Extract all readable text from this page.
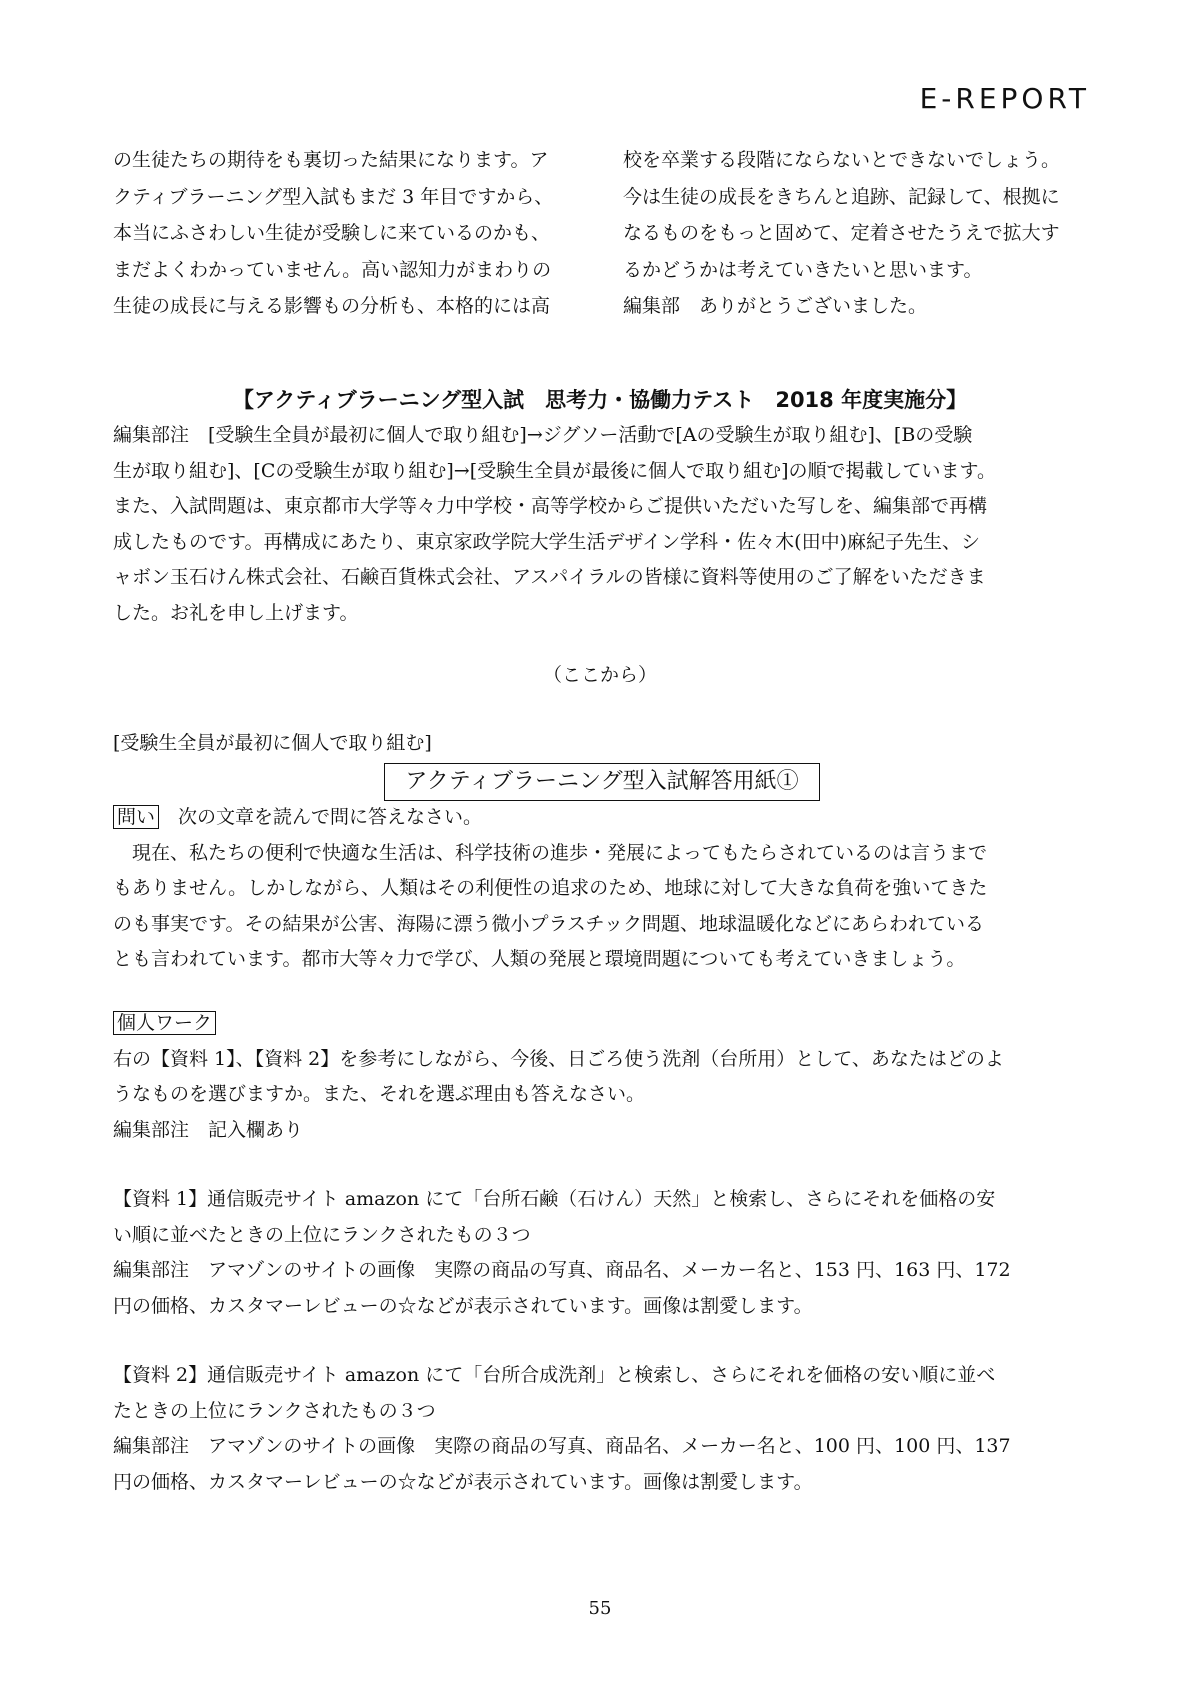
E-REPORT

の生徒たちの期待をも裏切った結果になります。ア

クティブラーニング型入試もまだ 3 年目ですから、

本当にふさわしい生徒が受験しに来ているのかも、

まだよくわかっていません。高い認知力がまわりの

生徒の成長に与える影響もの分析も、本格的には高

校を卒業する段階にならないとできないでしょう。

今は生徒の成長をきちんと追跡、記録して、根拠に

なるものをもっと固めて、定着させたうえで拡大す

るかどうかは考えていきたいと思います。

編集部　ありがとうございました。

【アクティブラーニング型入試　思考力・協働力テスト　2018 年度実施分】

編集部注　[受験生全員が最初に個人で取り組む]→ジグソー活動で[Aの受験生が取り組む]、[Bの受験

生が取り組む]、[Cの受験生が取り組む]→[受験生全員が最後に個人で取り組む]の順で掲載しています。

また、入試問題は、東京都市大学等々力中学校・高等学校からご提供いただいた写しを、編集部で再構

成したものです。再構成にあたり、東京家政学院大学生活デザイン学科・佐々木(田中)麻紀子先生、シ

ャボン玉石けん株式会社、石鹸百貨株式会社、アスパイラルの皆様に資料等使用のご了解をいただきま

した。お礼を申し上げます。

（ここから）
[受験生全員が最初に個人で取り組む]
アクティブラーニング型入試解答用紙①

問い　 次の文章を読んで問に答えなさい。

　現在、私たちの便利で快適な生活は、科学技術の進歩・発展によってもたらされているのは言うまで

もありません。しかしながら、人類はその利便性の追求のため、地球に対して大きな負荷を強いてきた

のも事実です。その結果が公害、海陽に漂う微小プラスチック問題、地球温暖化などにあらわれている

とも言われています。都市大等々力で学び、人類の発展と環境問題についても考えていきましょう。

個人ワーク

右の【資料 1】、【資料 2】を参考にしながら、今後、日ごろ使う洗剤（台所用）として、あなたはどのよ

うなものを選びますか。また、それを選ぶ理由も答えなさい。

編集部注　記入欄あり

【資料 1】通信販売サイト amazon にて「台所石鹸（石けん）天然」と検索し、さらにそれを価格の安

い順に並べたときの上位にランクされたもの３つ

編集部注　アマゾンのサイトの画像　実際の商品の写真、商品名、メーカー名と、153 円、163 円、172

円の価格、カスタマーレビューの☆などが表示されています。画像は割愛します。

【資料 2】通信販売サイト amazon にて「台所合成洗剤」と検索し、さらにそれを価格の安い順に並べ

たときの上位にランクされたもの３つ

編集部注　アマゾンのサイトの画像　実際の商品の写真、商品名、メーカー名と、100 円、100 円、137

円の価格、カスタマーレビューの☆などが表示されています。画像は割愛します。

55
